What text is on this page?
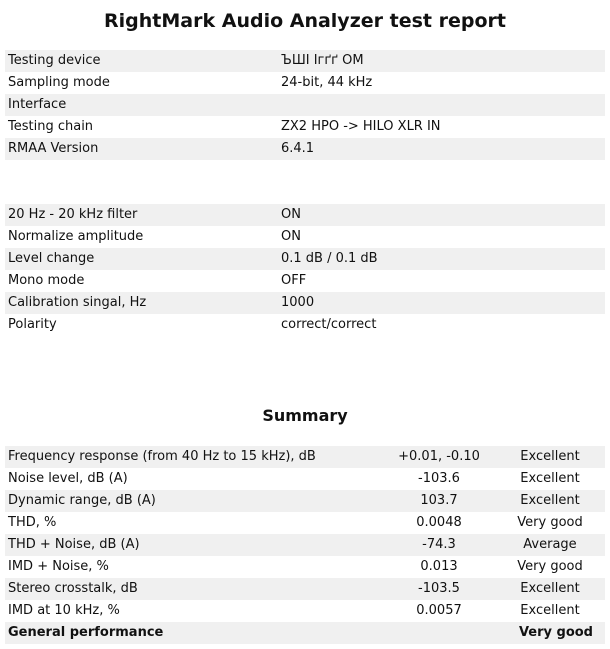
RightMark Audio Analyzer test report
Testing device	ЪШI Iгґґ OM
Sampling mode	24-bit, 44 kHz
Interface	
Testing chain	ZX2 HPO -> HILO XLR IN
RMAA Version	6.4.1
20 Hz - 20 kHz filter	ON
Normalize amplitude	ON
Level change	0.1 dB / 0.1 dB
Mono mode	OFF
Calibration singal, Hz	1000
Polarity	correct/correct
Summary
Frequency response (from 40 Hz to 15 kHz), dB	+0.01, -0.10	Excellent
Noise level, dB (A)	-103.6	Excellent
Dynamic range, dB (A)	103.7	Excellent
THD, %	0.0048	Very good
THD + Noise, dB (A)	-74.3	Average
IMD + Noise, %	0.013	Very good
Stereo crosstalk, dB	-103.5	Excellent
IMD at 10 kHz, %	0.0057	Excellent
General performance		Very good
